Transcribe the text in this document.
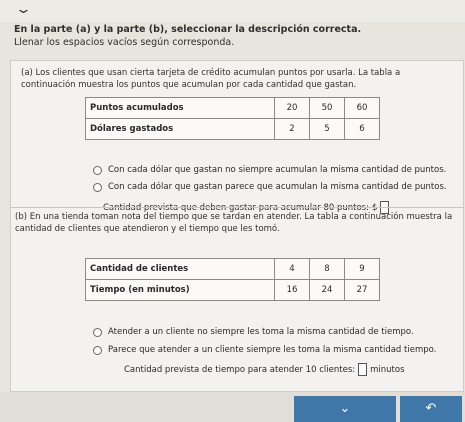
⌄
En la parte (a) y la parte (b), seleccionar la descripción correcta.
Llenar los espacios vacíos según corresponda.
(a) Los clientes que usan cierta tarjeta de crédito acumulan puntos por usarla. La tabla a continuación muestra los puntos que acumulan por cada cantidad que gastan.
Puntos acumulados	20	50	60
Dólares gastados	2	5	6
Con cada dólar que gastan no siempre acumulan la misma cantidad de puntos.
Con cada dólar que gastan parece que acumulan la misma cantidad de puntos.
(b) En una tienda toman nota del tiempo que se tardan en atender. La tabla a continuación muestra la cantidad de clientes que atendieron y el tiempo que les tomó.
Cantidad de clientes	4	8	9
Tiempo (en minutos)	16	24	27
Atender a un cliente no siempre les toma la misma cantidad de tiempo.
Parece que atender a un cliente siempre les toma la misma cantidad tiempo.
Cantidad prevista de tiempo para atender 10 clientes: minutos
⌄	↶
